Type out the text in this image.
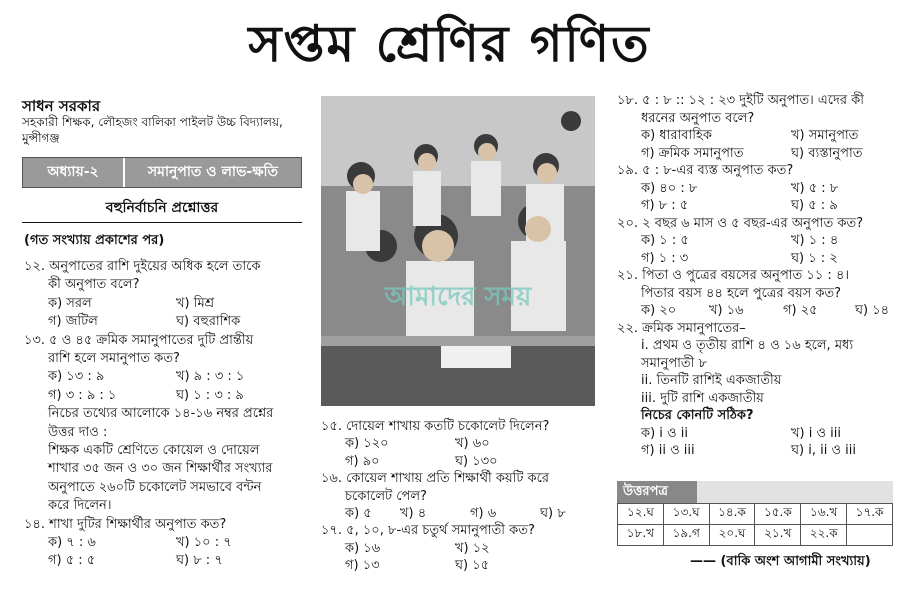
সপ্তম শ্রেণির গণিত
সাধন সরকার
সহকারী শিক্ষক, লৌহজং বালিকা পাইলট উচ্চ বিদ্যালয়, মুন্সীগঞ্জ
অধ্যায়-২	সমানুপাত ও লাভ-ক্ষতি
বহুনির্বাচনি প্রশ্নোত্তর
(গত সংখ্যায় প্রকাশের পর)
১২. অনুপাতের রাশি দুইয়ের অধিক হলে তাকে
কী অনুপাত বলে?
ক) সরল	খ) মিশ্র
গ) জটিল	ঘ) বহুরাশিক
১৩. ৫ ও ৪৫ ক্রমিক সমানুপাতের দুটি প্রান্তীয়
রাশি হলে সমানুপাত কত?
ক) ১৩ : ৯	খ) ৯ : ৩ : ১
গ) ৩ : ৯ : ১	ঘ) ১ : ৩ : ৯
নিচের তথ্যের আলোকে ১৪-১৬ নম্বর প্রশ্নের
উত্তর দাও :
শিক্ষক একটি শ্রেণিতে কোয়েল ও দোয়েল
শাখার ৩৫ জন ও ৩০ জন শিক্ষার্থীর সংখ্যার
অনুপাতে ২৬০টি চকোলেট সমভাবে বন্টন
করে দিলেন।
১৪. শাখা দুটির শিক্ষার্থীর অনুপাত কত?
ক) ৭ : ৬	খ) ১০ : ৭
গ) ৫ : ৫	ঘ) ৮ : ৭
আমাদের সময়
১৫. দোয়েল শাখায় কতটি চকোলেট দিলেন?
ক) ১২০	খ) ৬০
গ) ৯০	ঘ) ১৩০
১৬. কোয়েল শাখায় প্রতি শিক্ষার্থী কয়টি করে
চকোলেট পেল?
ক) ৫ খ) ৪	গ) ৬	ঘ) ৮
১৭. ৫, ১০, ৮-এর চতুর্থ সমানুপাতী কত?
ক) ১৬	খ) ১২
গ) ১৩	ঘ) ১৫
১৮. ৫ : ৮ :: ১২ : ২৩ দুইটি অনুপাত। এদের কী
ধরনের অনুপাত বলে?
ক) ধারাবাহিক	খ) সমানুপাত
গ) ক্রমিক সমানুপাত	ঘ) ব্যস্তানুপাত
১৯. ৫ : ৮-এর ব্যস্ত অনুপাত কত?
ক) ৪০ : ৮	খ) ৫ : ৮
গ) ৮ : ৫	ঘ) ৫ : ৯
২০. ২ বছর ৬ মাস ও ৫ বছর-এর অনুপাত কত?
ক) ১ : ৫	খ) ১ : ৪
গ) ১ : ৩	ঘ) ১ : ২
২১. পিতা ও পুত্রের বয়সের অনুপাত ১১ : ৪।
পিতার বয়স ৪৪ হলে পুত্রের বয়স কত?
ক) ২০	খ) ১৬	গ) ২৫	ঘ) ১৪
২২. ক্রমিক সমানুপাতের–
i. প্রথম ও তৃতীয় রাশি ৪ ও ১৬ হলে, মধ্য
সমানুপাতী ৮
ii. তিনটি রাশিই একজাতীয়
iii. দুটি রাশি একজাতীয়
নিচের কোনটি সঠিক?
ক) i ও ii	খ) i ও iii
গ) ii ও iii	ঘ) i, ii ও iii
উত্তরপত্র
১২.ঘ	১৩.ঘ	১৪.ক	১৫.ক	১৬.খ	১৭.ক
১৮.খ	১৯.গ	২০.ঘ	২১.খ	২২.ক	
—— (বাকি অংশ আগামী সংখ্যায়)
